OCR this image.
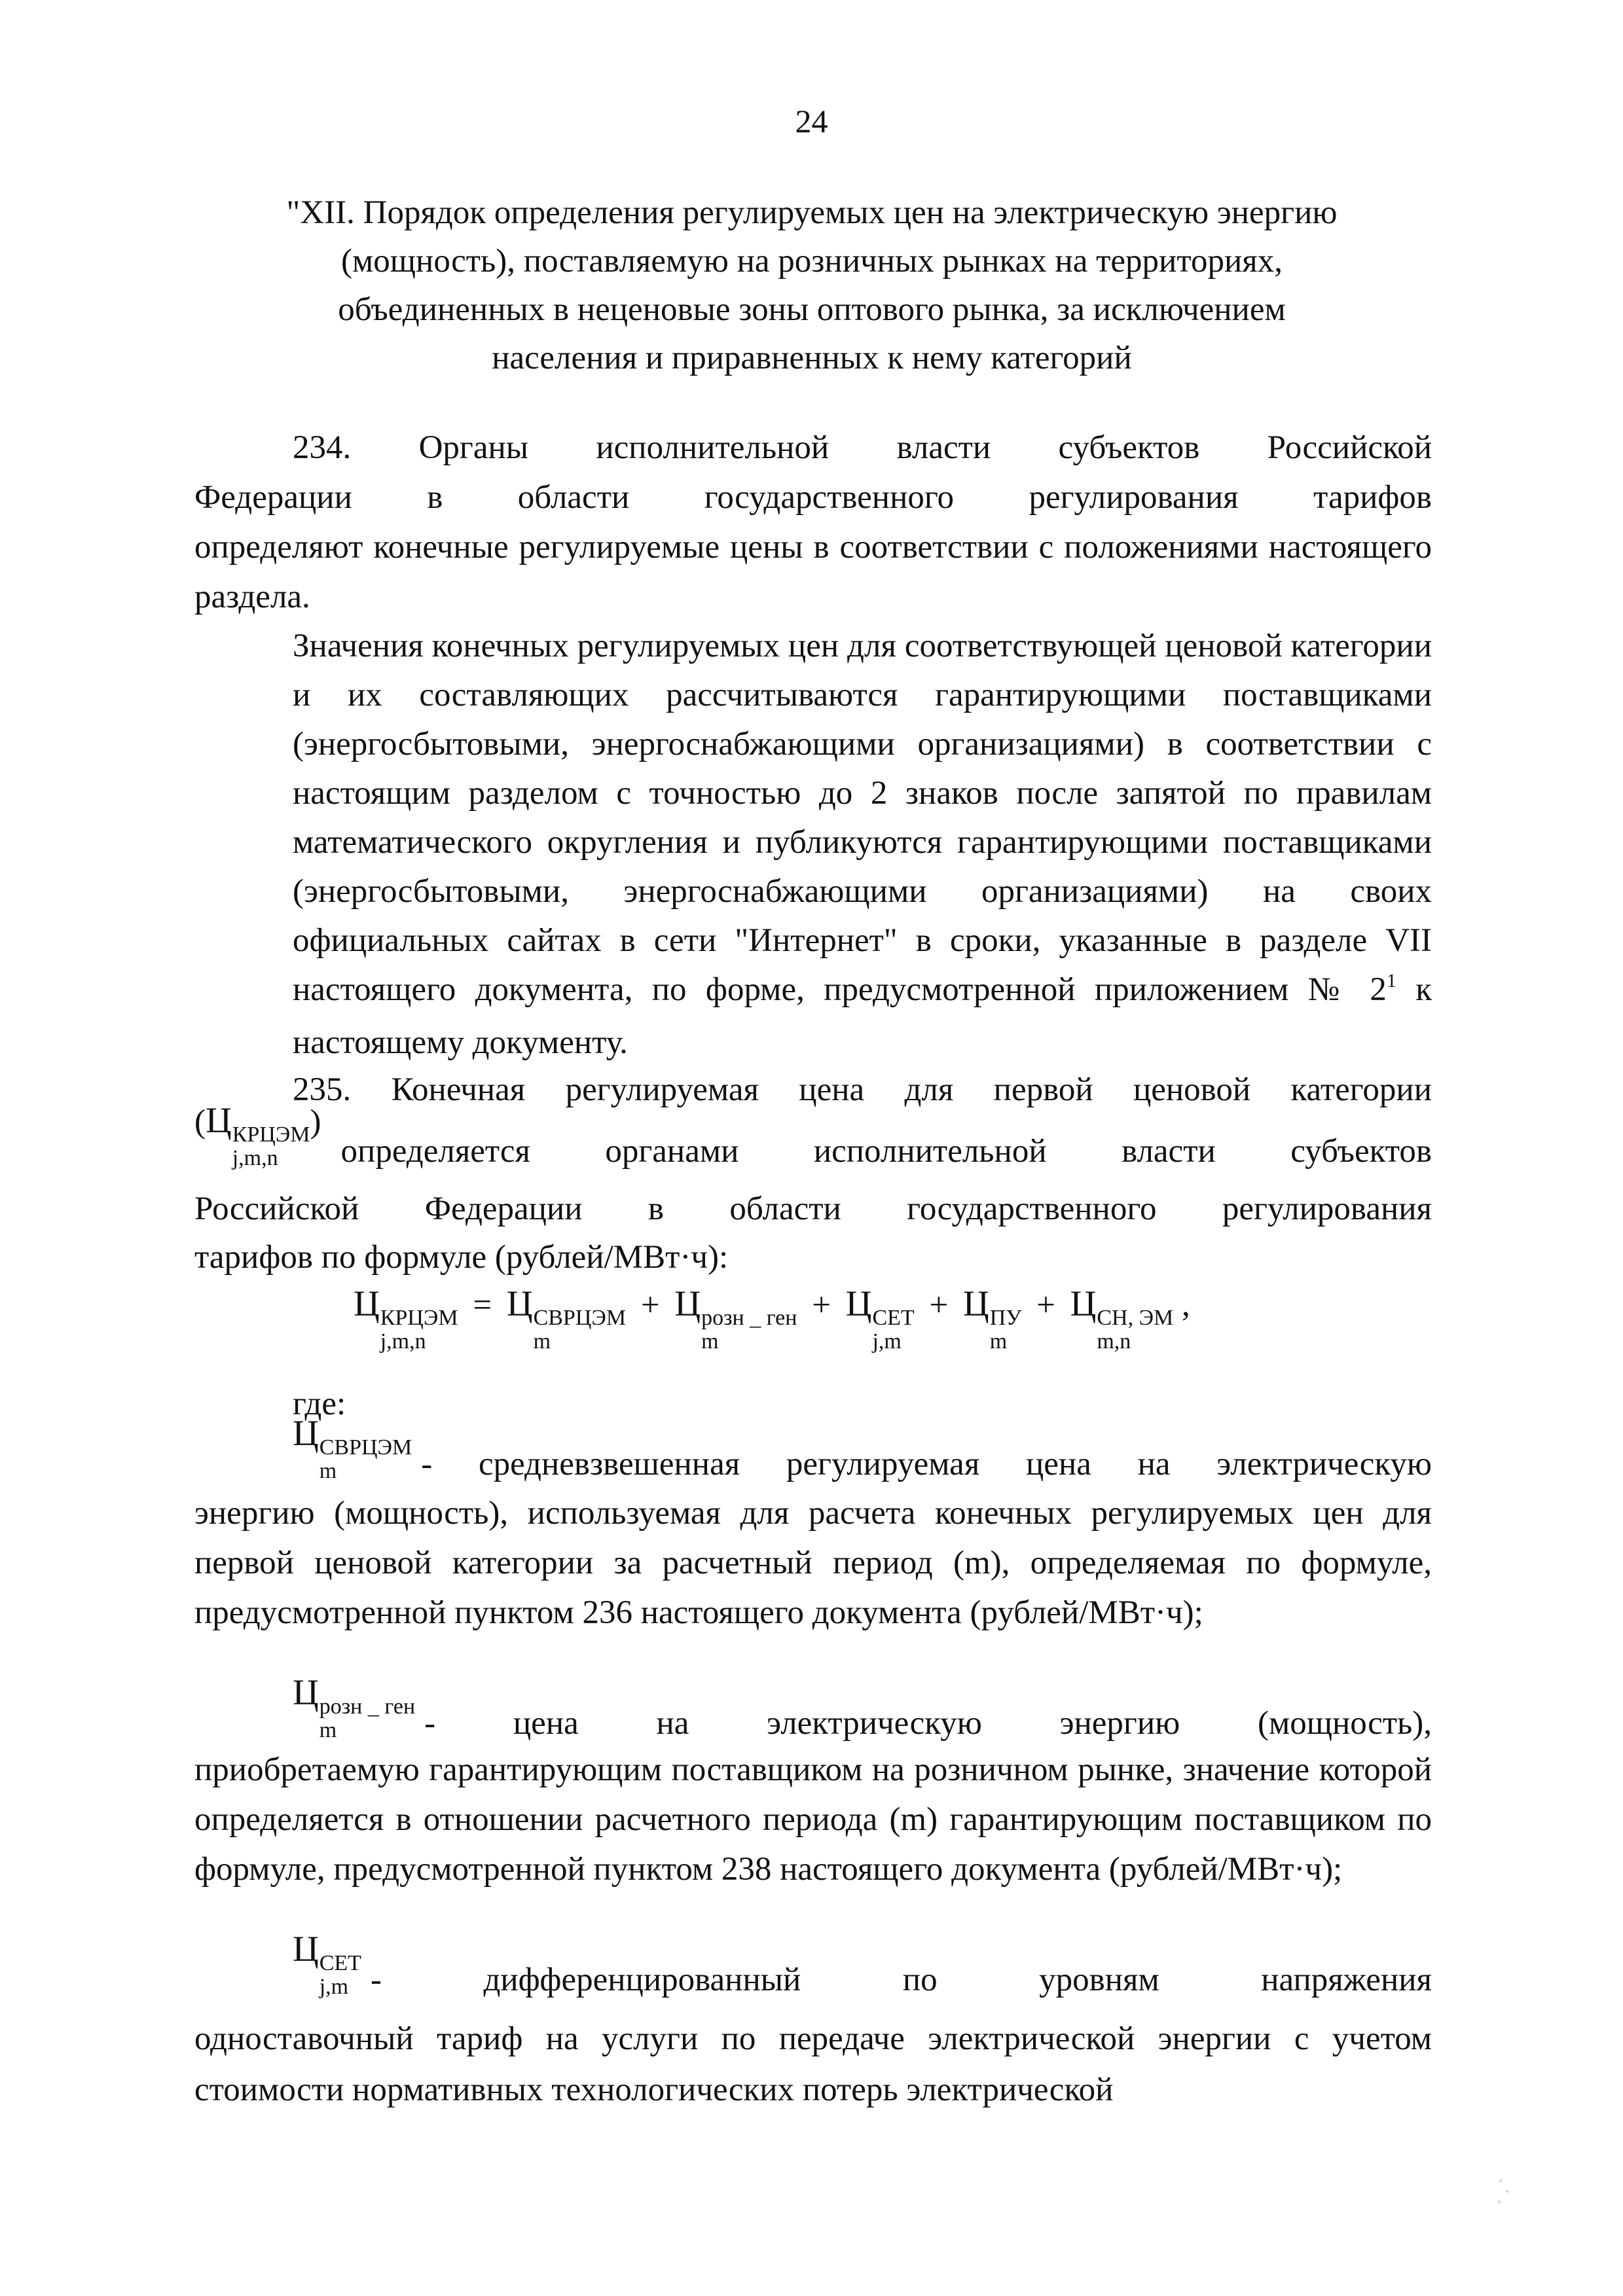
24
"XII. Порядок определения регулируемых цен на электрическую энергию
(мощность), поставляемую на розничных рынках на территориях,
объединенных в неценовые зоны оптового рынка, за исключением
населения и приравненных к нему категорий
234. Органы исполнительной власти субъектов Российской
Федерации в области государственного регулирования тарифов
определяют конечные регулируемые цены в соответствии с положениями настоящего раздела.
Значения конечных регулируемых цен для соответствующей ценовой категории и их составляющих рассчитываются гарантирующими поставщиками (энергосбытовыми, энергоснабжающими организациями) в соответствии с настоящим разделом с точностью до 2 знаков после запятой по правилам математического округления и публикуются гарантирующими поставщиками (энергосбытовыми, энергоснабжающими организациями) на своих официальных сайтах в сети "Интернет" в сроки, указанные в разделе VII настоящего документа, по форме, предусмотренной приложением № $2^1$ к настоящему документу.
235. Конечная регулируемая цена для первой ценовой категории
(Ц КРЦЭМ
j,m,n
)
определяется органами исполнительной власти субъектов
Российской Федерации в области государственного регулирования
тарифов по формуле (рублей/МВт·ч):
Ц КРЦЭМ
j,m,n
= Ц СВРЦЭМ
m
+ Ц розн _ ген
m
+ Ц СЕТ
j,m
+ Ц ПУ
m
+ Ц СН, ЭМ
m,n
,
где:
Ц СВРЦЭМ
m	- средневзвешенная регулируемая цена на электрическую
энергию (мощность), используемая для расчета конечных регулируемых цен для первой ценовой категории за расчетный период (m), определяемая по формуле, предусмотренной пунктом 236 настоящего документа (рублей/МВт·ч);
Ц розн _ ген
m	- цена на электрическую энергию (мощность),
приобретаемую гарантирующим поставщиком на розничном рынке, значение которой определяется в отношении расчетного периода (m) гарантирующим поставщиком по формуле, предусмотренной пунктом 238 настоящего документа (рублей/МВт·ч);
Ц СЕТ
j,m - дифференцированный по уровням напряжения
одноставочный тариф на услуги по передаче электрической энергии с учетом стоимости нормативных технологических потерь электрической
